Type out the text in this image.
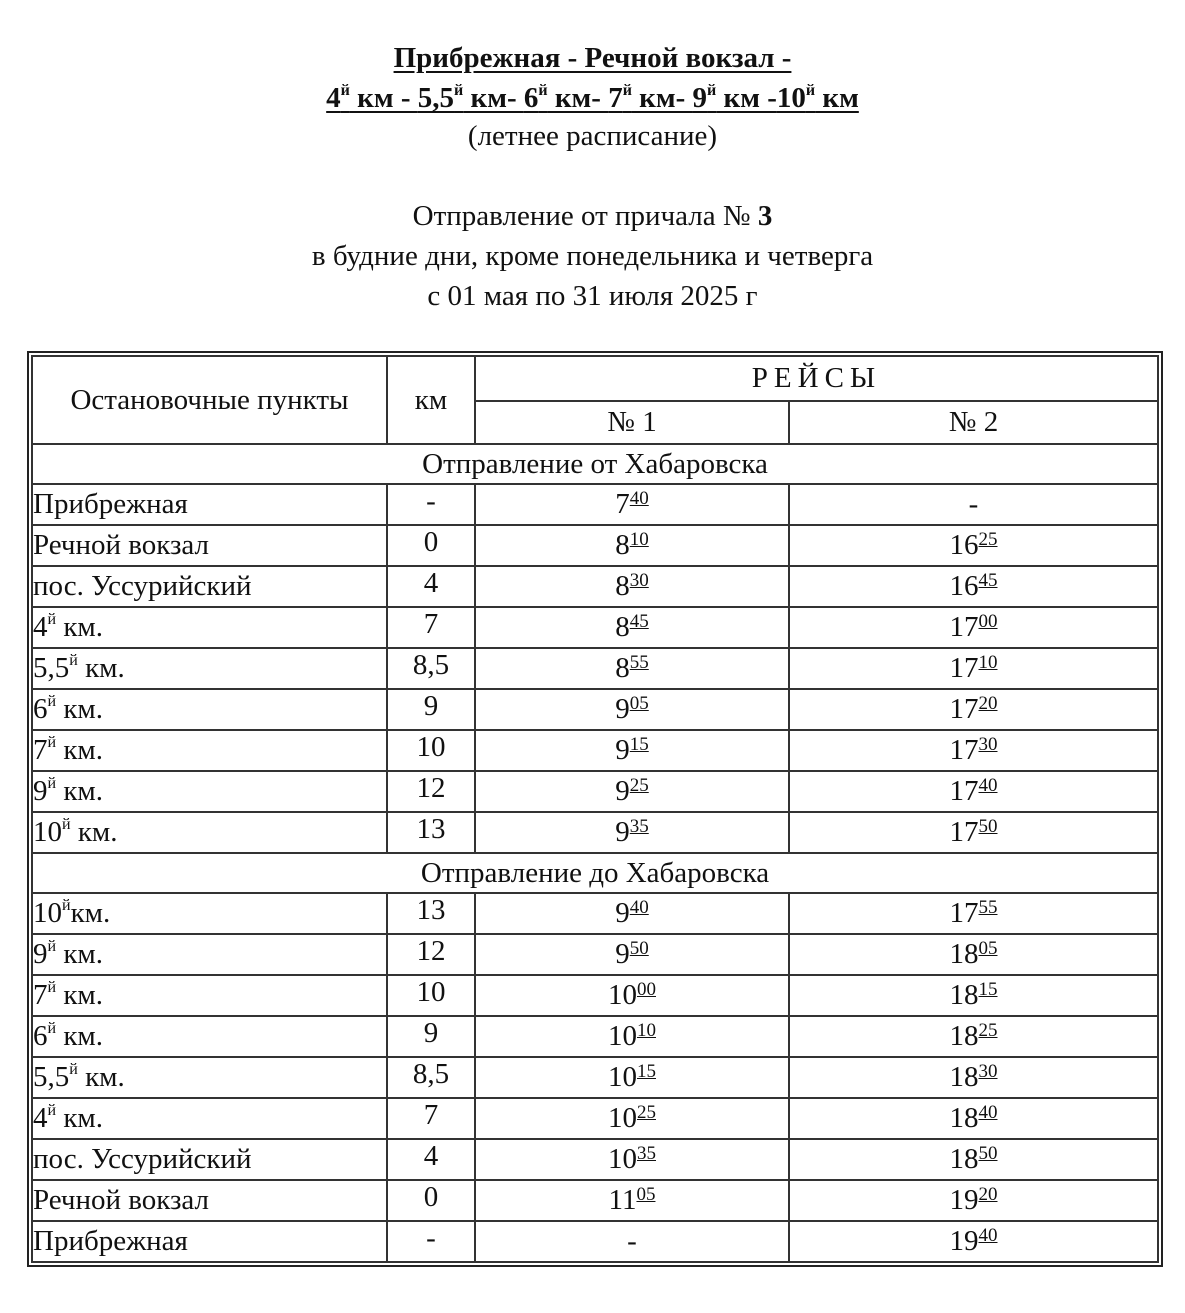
Прибрежная - Речной вокзал -
$4^й$ км - $5,5^й$ км- $6^й$ км- $7^й$ км- $9^й$ км $-10^й$ км
(летнее расписание)
Отправление от причала № 3
в будние дни, кроме понедельника и четверга
с 01 мая по 31 июля 2025 г
Остановочные пункты	км	РЕЙСЫ	
		№ 1	№ 2
Отправление от Хабаровска			
Прибрежная	-	$7^{40}$	-
Речной вокзал	0	$8^{10}$	$16^{25}$
пос. Уссурийский	4	$8^{30}$	$16^{45}$
$4^й$ км.	7	$8^{45}$	$17^{00}$
$5,5^й$ км.	8,5	$8^{55}$	$17^{10}$
$6^й$ км.	9	$9^{05}$	$17^{20}$
$7^й$ км.	10	$9^{15}$	$17^{30}$
$9^й$ км.	12	$9^{25}$	$17^{40}$
$10^й$ км.	13	$9^{35}$	$17^{50}$
Отправление до Хабаровска			
$10^йкм$.	13	$9^{40}$	$17^{55}$
$9^й$ км.	12	$9^{50}$	$18^{05}$
$7^й$ км.	10	$10^{00}$	$18^{15}$
$6^й$ км.	9	$10^{10}$	$18^{25}$
$5,5^й$ км.	8,5	$10^{15}$	$18^{30}$
$4^й$ км.	7	$10^{25}$	$18^{40}$
пос. Уссурийский	4	$10^{35}$	$18^{50}$
Речной вокзал	0	$11^{05}$	$19^{20}$
Прибрежная	-	-	$19^{40}$
